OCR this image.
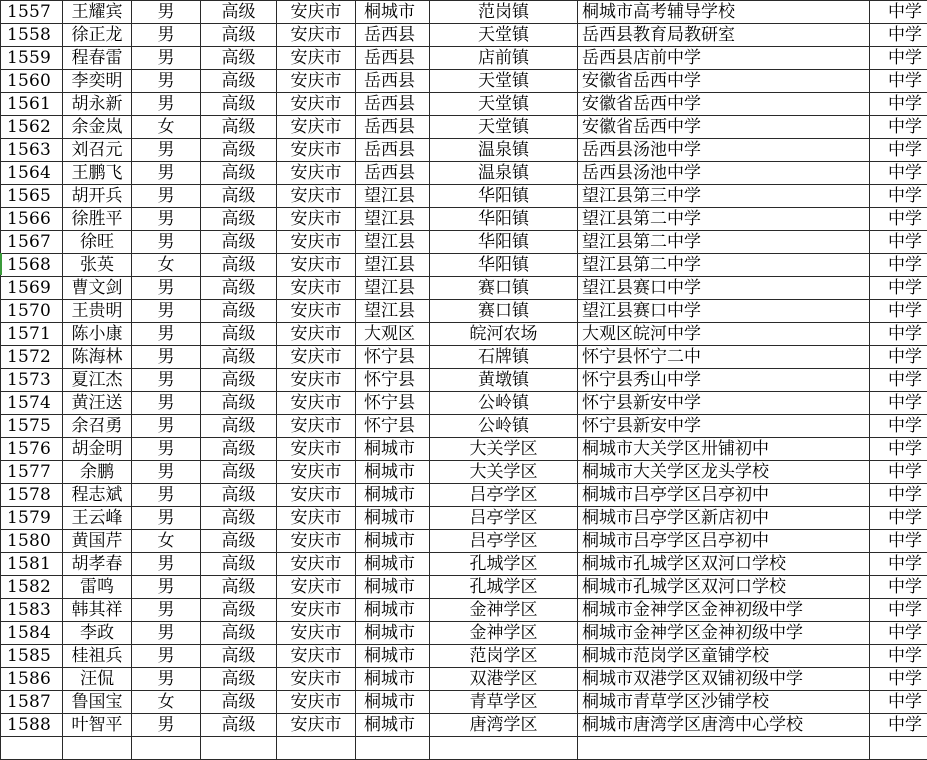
1557	王耀宾	男	高级	安庆市	桐城市	范岗镇	桐城市高考辅导学校	中学
1558	徐正龙	男	高级	安庆市	岳西县	天堂镇	岳西县教育局教研室	中学
1559	程春雷	男	高级	安庆市	岳西县	店前镇	岳西县店前中学	中学
1560	李奕明	男	高级	安庆市	岳西县	天堂镇	安徽省岳西中学	中学
1561	胡永新	男	高级	安庆市	岳西县	天堂镇	安徽省岳西中学	中学
1562	余金岚	女	高级	安庆市	岳西县	天堂镇	安徽省岳西中学	中学
1563	刘召元	男	高级	安庆市	岳西县	温泉镇	岳西县汤池中学	中学
1564	王鹏飞	男	高级	安庆市	岳西县	温泉镇	岳西县汤池中学	中学
1565	胡开兵	男	高级	安庆市	望江县	华阳镇	望江县第三中学	中学
1566	徐胜平	男	高级	安庆市	望江县	华阳镇	望江县第二中学	中学
1567	徐旺	男	高级	安庆市	望江县	华阳镇	望江县第二中学	中学
1568	张英	女	高级	安庆市	望江县	华阳镇	望江县第二中学	中学
1569	曹文剑	男	高级	安庆市	望江县	赛口镇	望江县赛口中学	中学
1570	王贵明	男	高级	安庆市	望江县	赛口镇	望江县赛口中学	中学
1571	陈小康	男	高级	安庆市	大观区	皖河农场	大观区皖河中学	中学
1572	陈海林	男	高级	安庆市	怀宁县	石牌镇	怀宁县怀宁二中	中学
1573	夏江杰	男	高级	安庆市	怀宁县	黄墩镇	怀宁县秀山中学	中学
1574	黄汪送	男	高级	安庆市	怀宁县	公岭镇	怀宁县新安中学	中学
1575	余召勇	男	高级	安庆市	怀宁县	公岭镇	怀宁县新安中学	中学
1576	胡金明	男	高级	安庆市	桐城市	大关学区	桐城市大关学区卅铺初中	中学
1577	余鹏	男	高级	安庆市	桐城市	大关学区	桐城市大关学区龙头学校	中学
1578	程志斌	男	高级	安庆市	桐城市	吕亭学区	桐城市吕亭学区吕亭初中	中学
1579	王云峰	男	高级	安庆市	桐城市	吕亭学区	桐城市吕亭学区新店初中	中学
1580	黄国芹	女	高级	安庆市	桐城市	吕亭学区	桐城市吕亭学区吕亭初中	中学
1581	胡孝春	男	高级	安庆市	桐城市	孔城学区	桐城市孔城学区双河口学校	中学
1582	雷鸣	男	高级	安庆市	桐城市	孔城学区	桐城市孔城学区双河口学校	中学
1583	韩其祥	男	高级	安庆市	桐城市	金神学区	桐城市金神学区金神初级中学	中学
1584	李政	男	高级	安庆市	桐城市	金神学区	桐城市金神学区金神初级中学	中学
1585	桂祖兵	男	高级	安庆市	桐城市	范岗学区	桐城市范岗学区童铺学校	中学
1586	汪侃	男	高级	安庆市	桐城市	双港学区	桐城市双港学区双铺初级中学	中学
1587	鲁国宝	女	高级	安庆市	桐城市	青草学区	桐城市青草学区沙铺学校	中学
1588	叶智平	男	高级	安庆市	桐城市	唐湾学区	桐城市唐湾学区唐湾中心学校	中学
